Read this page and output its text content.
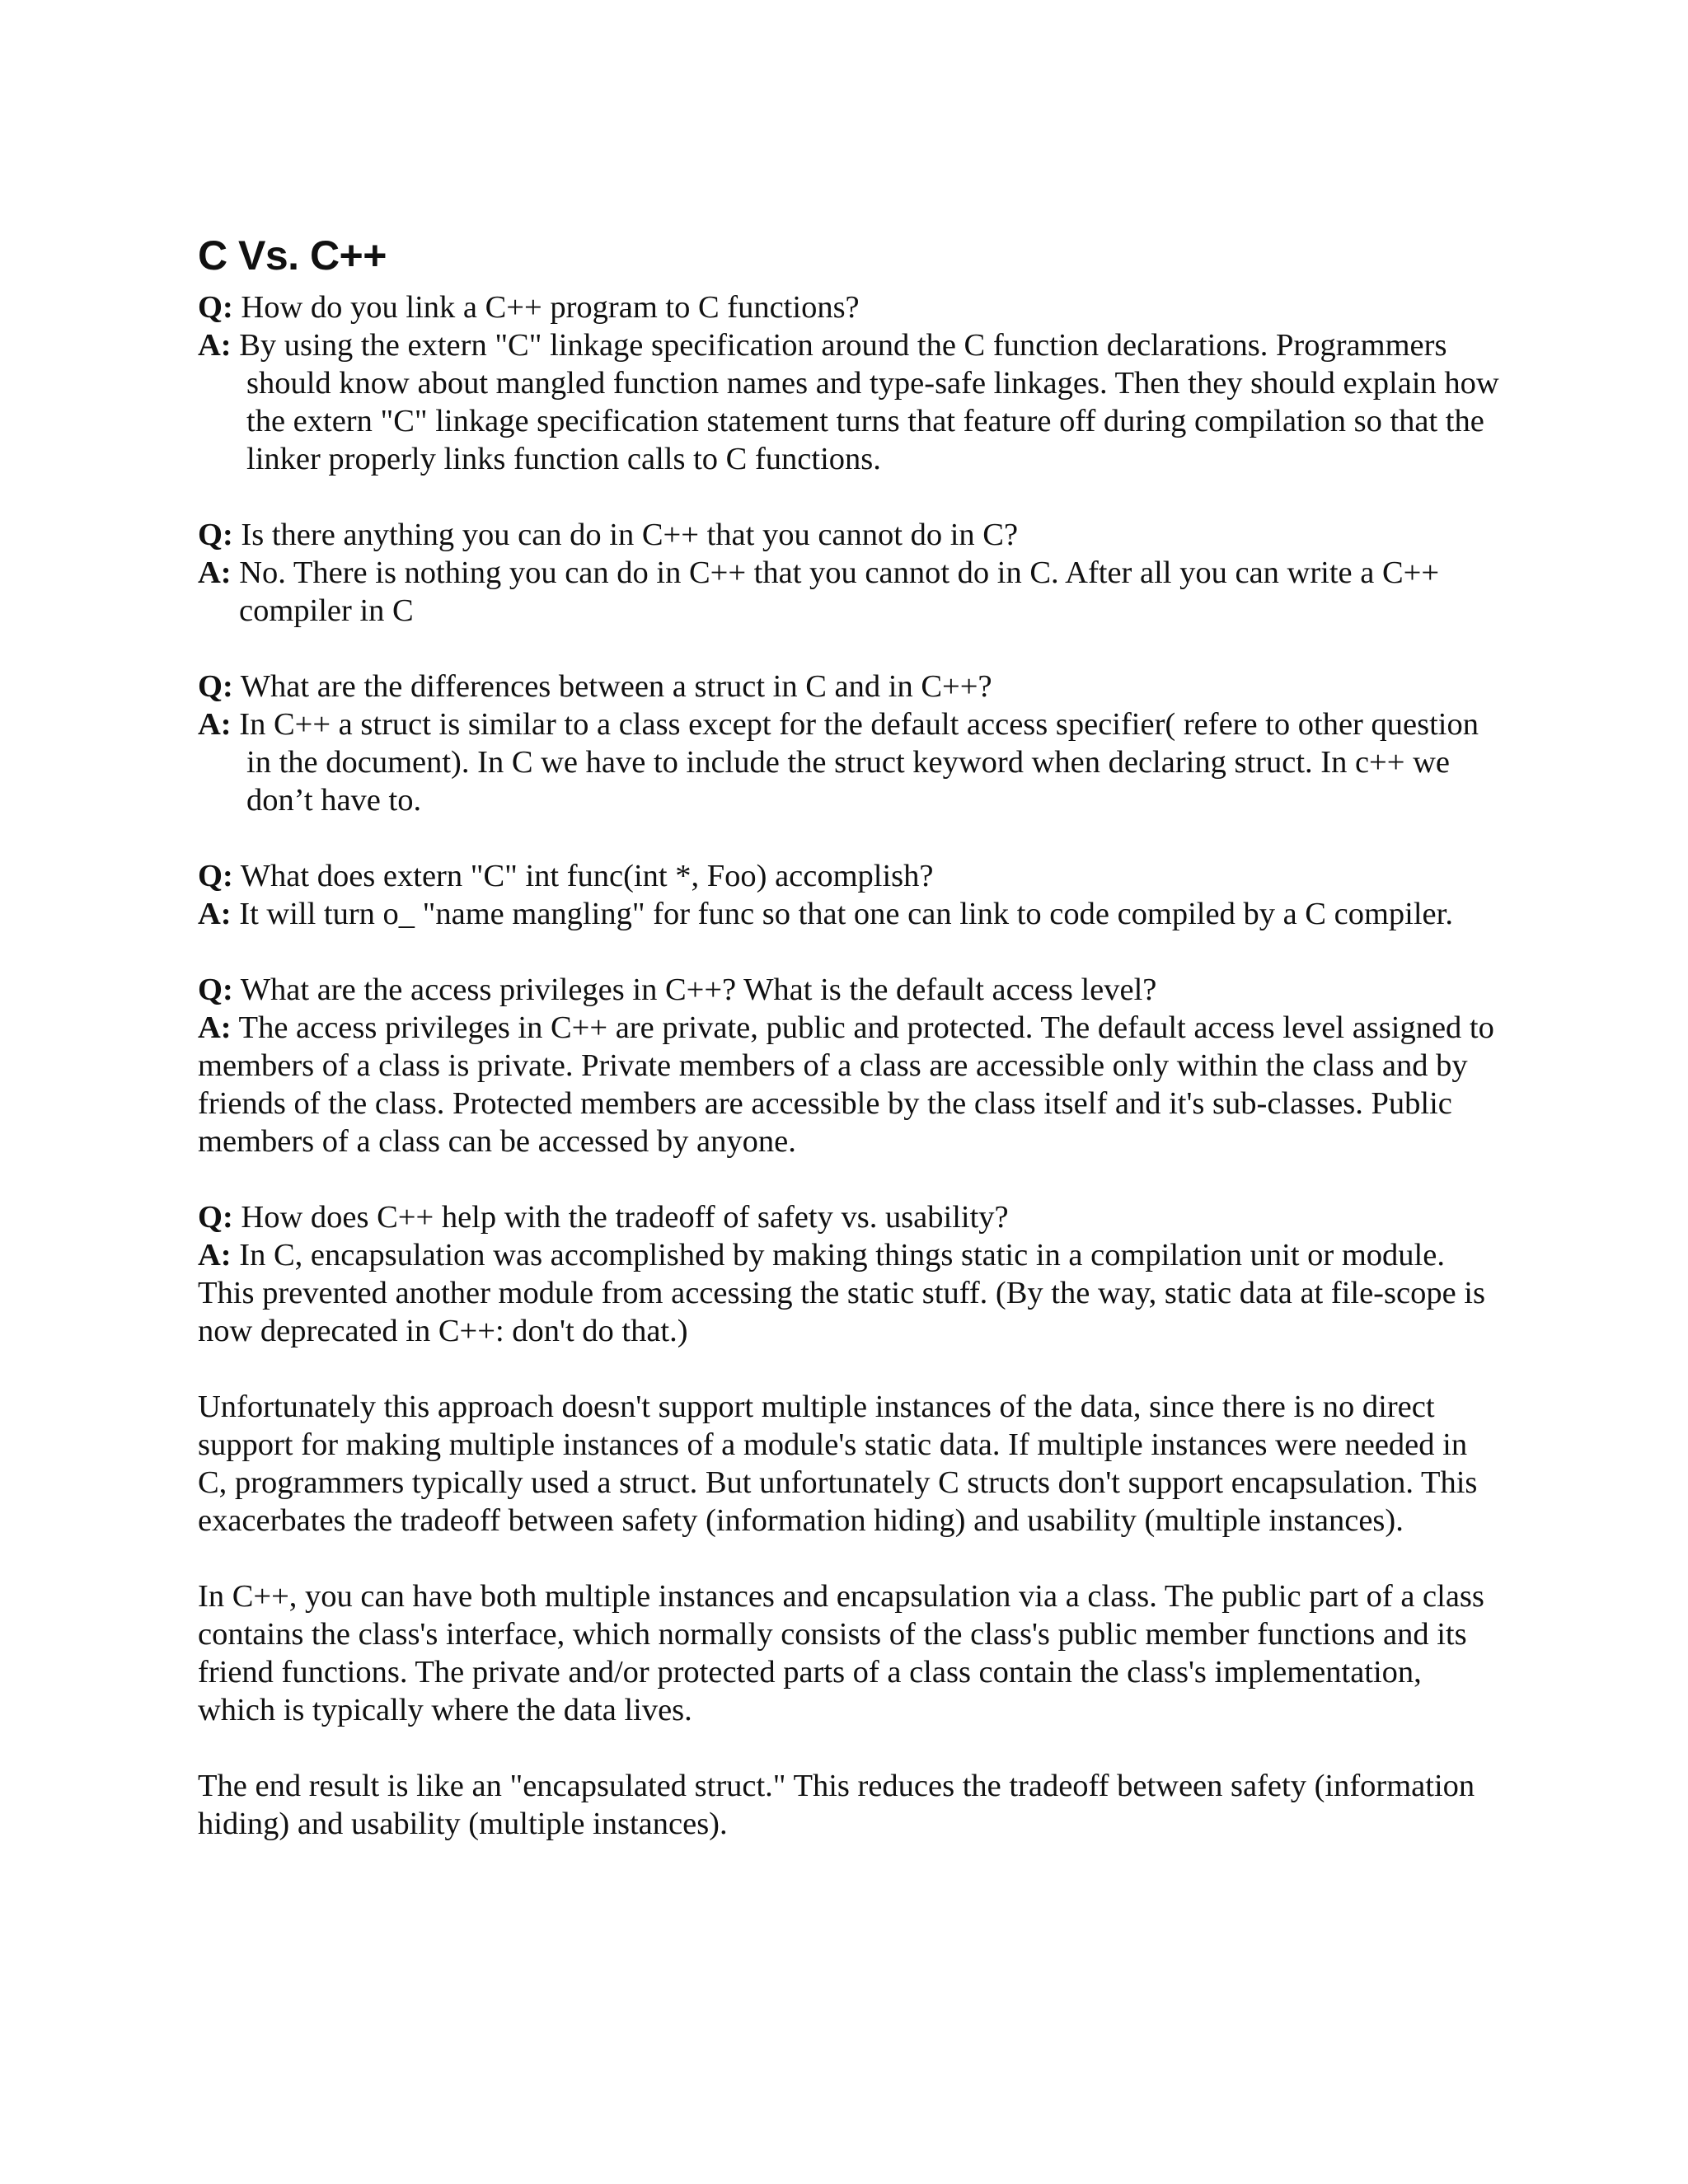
C Vs. C++
Q: How do you link a C++ program to C functions?
A: By using the extern "C" linkage specification around the C function declarations. Programmers should know about mangled function names and type-safe linkages. Then they should explain how the extern "C" linkage specification statement turns that feature off during compilation so that the linker properly links function calls to C functions.
Q: Is there anything you can do in C++ that you cannot do in C?
A: No. There is nothing you can do in C++ that you cannot do in C. After all you can write a C++ compiler in C
Q: What are the differences between a struct in C and in C++?
A: In C++ a struct is similar to a class except for the default access specifier( refere to other question in the document). In C we have to include the struct keyword when declaring struct. In c++ we don’t have to.
Q: What does extern "C" int func(int *, Foo) accomplish?
A: It will turn o_ "name mangling" for func so that one can link to code compiled by a C compiler.
Q: What are the access privileges in C++? What is the default access level?
A: The access privileges in C++ are private, public and protected. The default access level assigned to members of a class is private. Private members of a class are accessible only within the class and by friends of the class. Protected members are accessible by the class itself and it's sub-classes. Public members of a class can be accessed by anyone.
Q: How does C++ help with the tradeoff of safety vs. usability?
A: In C, encapsulation was accomplished by making things static in a compilation unit or module. This prevented another module from accessing the static stuff. (By the way, static data at file-scope is now deprecated in C++: don't do that.)

Unfortunately this approach doesn't support multiple instances of the data, since there is no direct support for making multiple instances of a module's static data. If multiple instances were needed in C, programmers typically used a struct. But unfortunately C structs don't support encapsulation. This exacerbates the tradeoff between safety (information hiding) and usability (multiple instances).

In C++, you can have both multiple instances and encapsulation via a class. The public part of a class contains the class's interface, which normally consists of the class's public member functions and its friend functions. The private and/or protected parts of a class contain the class's implementation, which is typically where the data lives.

The end result is like an "encapsulated struct." This reduces the tradeoff between safety (information hiding) and usability (multiple instances).
